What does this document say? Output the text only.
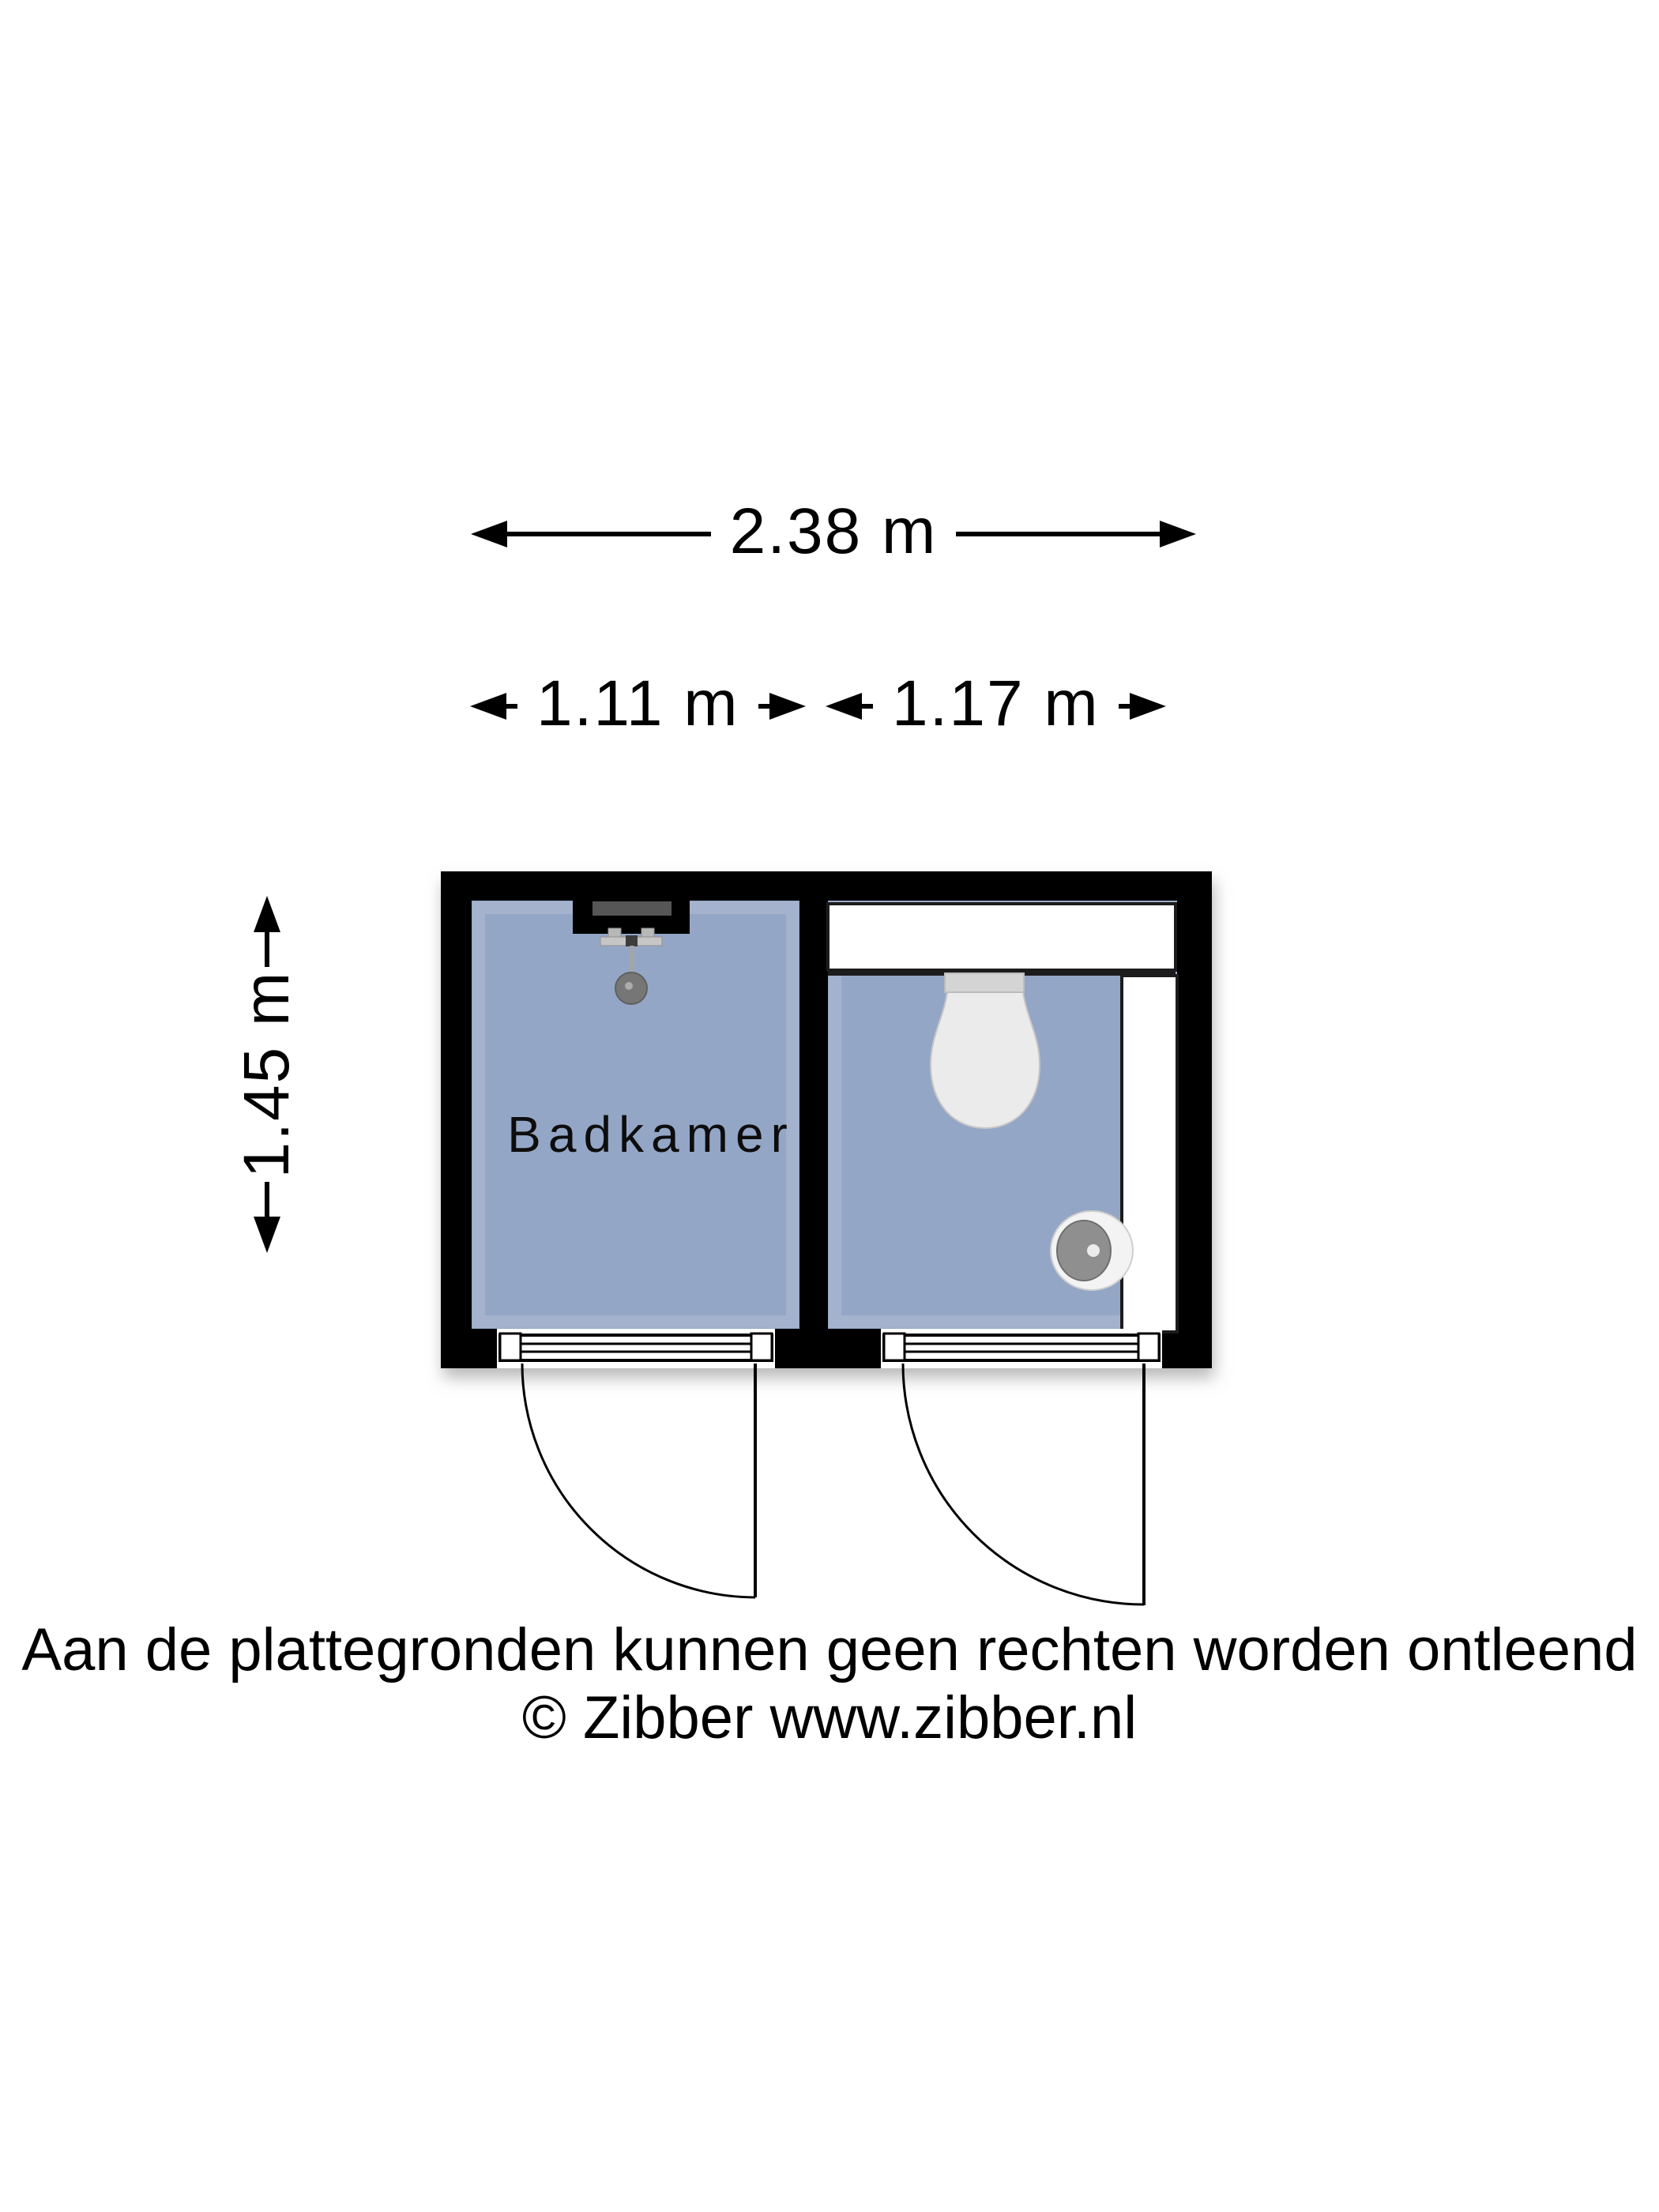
2.38 m
1.11 m 1.17 m
1.45 m	Badkamer
Aan de plattegronden kunnen geen rechten worden ontleend
© Zibber www.zibber.nl
